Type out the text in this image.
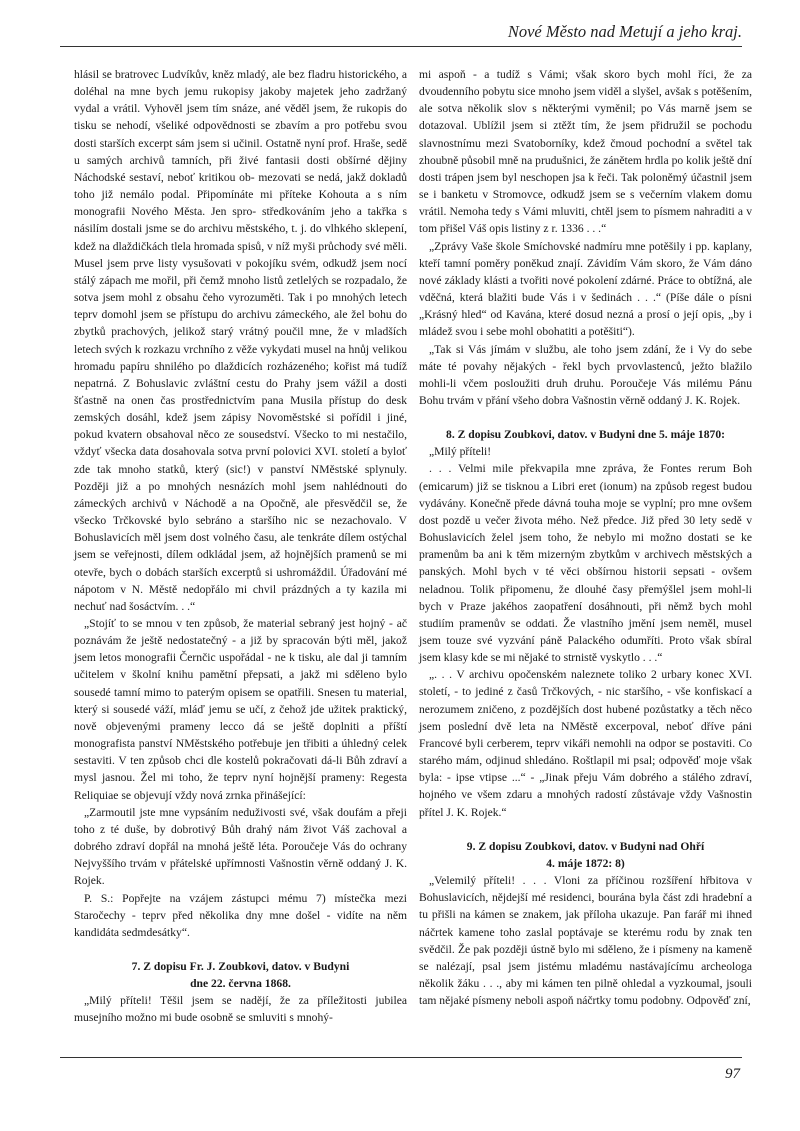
Nové Město nad Metují a jeho kraj.

hlásil se bratrovec Ludvíkův, kněz mladý, ale bez fladru historického, a doléhal na mne bych jemu rukopisy jakoby majetek jeho zadržaný vydal a vrátil. Vyhověl jsem tím snáze, ané věděl jsem, že rukopis do tisku se nehodí, všeliké odpovědnosti se zbavím a pro potřebu svou dosti starších excerpt sám jsem si učinil. Ostatně nyní prof. Hraše, sedě u samých archivů tamních, při živé fantasii dosti obšírné dějiny Náchodské sestaví, neboť kritikou ob- mezovati se nedá, jakž dokladů toho již nemálo podal. Připomínáte mi příteke Kohouta a s ním monografii Nového Města. Jen spro- středkováním jeho a takřka s násilím dostali jsme se do archivu městského, t. j. do vlhkého sklepení, kdež na dlaždičkách tlela hromada spisů, v níž myši průchody své měli. Musel jsem prve listy vysušovati v pokojíku svém, odkudž jsem nocí stálý zápach me mořil, při čemž mnoho listů zetlelých se rozpadalo, že sotva jsem mohl z obsahu čeho vyrozuměti. Tak i po mnohých letech teprv domohl jsem se přístupu do archivu zámeckého, ale žel bohu do zbytků prachových, jelikož starý vrátný poučil mne, že v mladších letech svých k rozkazu vrchního z věže vykydati musel na hnůj velikou hromadu papíru shnilého po dlaždicích rozházeného; kořist má tudíž nepatrná. Z Bohuslavic zvláštní cestu do Prahy jsem vážil a dosti šťastně na onen čas prostřednictvím pana Musila přístup do desk zemských dosáhl, kdež jsem zápisy Novoměstské si pořídil i jiné, pokud kvatern obsahoval něco ze sousedství. Všecko to mi nestačilo, vždyť všecka data dosahovala sotva první polovici XVI. století a byloť zde tak mnoho statků, který (sic!) v panství NMěstské splynuly. Později již a po mnohých nesnázích mohl jsem nahlédnouti do zámeckých archivů v Náchodě a na Opočně, ale přesvědčil se, že všecko Trčkovské bylo sebráno a staršího nic se nezachovalo. V Bohuslavicích měl jsem dost volného času, ale tenkráte dílem ostýchal jsem se veřejnosti, dílem odkládal jsem, až hojnějších pramenů se mi otevře, bych o dobách starších excerptů si ushromáždil. Úřadování mé nápotom v N. Městě nedopřálo mi chvil prázdných a ty kazila mi nechuť nad šosáctvím. . .“

„Stojíť to se mnou v ten způsob, že material sebraný jest hojný - ač poznávám že ještě nedostatečný - a již by spracován býti měl, jakož jsem letos monografii Černčic uspořádal - ne k tisku, ale dal ji tamním učitelem v školní knihu pamětní přepsati, a jakž mi sděleno bylo sousedé tamní mimo to paterým opisem se opatřili. Snesen tu material, který si sousedé váží, mláď jemu se učí, z čehož jde užitek praktický, nově objevenými prameny lecco dá se ještě doplniti a příští monografista panství NMěstského potřebuje jen třibiti a úhledný celek sestaviti. V ten způsob chci dle kostelů pokračovati dá-li Bůh zdraví a mysl jasnou. Žel mi toho, že teprv nyní hojnější prameny: Regesta Reliquiae se objevují vždy nová zrnka přinášející:

„Zarmoutil jste mne vypsáním neduživosti své, však doufám a přeji toho z té duše, by dobrotivý Bůh drahý nám život Váš zachoval a dobrého zdraví dopřál na mnohá ještě léta. Poroučeje Vás do ochrany Nejvyššího trvám v přátelské upřímnosti Vašnostin věrně oddaný J. K. Rojek.

P. S.: Popřejte na vzájem zástupci mému 7) místečka mezi Staročechy - teprv před několika dny mne došel - vidíte na něm kandidáta sedmdesátky“.

7. Z dopisu Fr. J. Zoubkovi, datov. v Budyni
dne 22. června 1868.

„Milý příteli! Těšil jsem se nadějí, že za příležitosti jubilea musejního možno mi bude osobně se smluviti s mnohý-

mi aspoň - a tudíž s Vámi; však skoro bych mohl říci, že za dvoudenního pobytu sice mnoho jsem viděl a slyšel, avšak s potěšením, ale sotva několik slov s některými vyměnil; po Vás marně jsem se dotazoval. Ublížil jsem si ztěžt tím, že jsem přidružil se pochodu slavnostnímu mezi Svatoborníky, kdež čmoud pochodní a světel tak zhoubně působil mně na prudušnici, že zánětem hrdla po kolik ještě dní dosti trápen jsem byl neschopen jsa k řeči. Tak poloněmý účastnil jsem se i banketu v Stromovce, odkudž jsem se s večerním vlakem domu vrátil. Nemoha tedy s Vámi mluviti, chtěl jsem to písmem nahraditi a v tom přišel Váš opis listiny z r. 1336 . . .“

„Zprávy Vaše škole Smíchovské nadmíru mne potěšily i pp. kaplany, kteří tamní poměry poněkud znají. Závidím Vám skoro, že Vám dáno nové základy klásti a tvořiti nové pokolení zdárné. Práce to obtížná, ale vděčná, která blažiti bude Vás i v šedinách . . .“ (Píše dále o písni „Krásný hled“ od Kavána, které dosud nezná a prosí o její opis, „by i mládež svou i sebe mohl obohatiti a potěšiti“).

„Tak si Vás jímám v službu, ale toho jsem zdání, že i Vy do sebe máte té povahy nějakých - řekl bych prvovlastenců, ježto blažilo mohli-li včem posloužiti druh druhu. Poroučeje Vás milému Pánu Bohu trvám v přání všeho dobra Vašnostin věrně oddaný J. K. Rojek.

8. Z dopisu Zoubkovi, datov. v Budyni dne 5. máje 1870:

„Milý příteli!

. . . Velmi mile překvapila mne zpráva, že Fontes rerum Boh (emicarum) již se tisknou a Libri eret (ionum) na způsob regest budou vydávány. Konečně přede dávná touha moje se vyplní; pro mne ovšem dost pozdě u večer života mého. Než předce. Již před 30 lety sedě v Bohuslavicích želel jsem toho, že nebylo mi možno dostati se ke pramenům ba ani k těm mizerným zbytkům v archivech městských a panských. Mohl bych v té věci obšírnou historii sepsati - ovšem neladnou. Tolik připomenu, že dlouhé časy přemýšlel jsem mohl-li bych v Praze jakéhos zaopatření dosáhnouti, při němž bych mohl studiím pramenův se oddati. Že vlastního jmění jsem neměl, musel jsem touze své vyzvání páně Palackého odumříti. Proto však sbíral jsem klasy kde se mi nějaké to strnistě vyskytlo . . .“

„. . . V archivu opočenském naleznete toliko 2 urbary konec XVI. století, - to jediné z časů Trčkových, - nic staršího, - vše konfiskací a nerozumem zničeno, z pozdějších dost hubené pozůstatky a těch něco jsem poslední dvě leta na NMěstě excerpoval, neboť dříve páni Francové byli cerberem, teprv vikáři nemohli na odpor se postaviti. Co starého mám, odjinud shledáno. Roštlapil mi psal; odpověď moje však byla: - ipse vtipse ...“ - „Jinak přeju Vám dobrého a stálého zdraví, hojného ve všem zdaru a mnohých radostí zůstávaje vždy Vašnostin přítel J. K. Rojek.“

9. Z dopisu Zoubkovi, datov. v Budyni nad Ohří
4. máje 1872: 8)

„Velemilý příteli! . . . Vloni za příčinou rozšíření hřbitova v Bohuslavicích, nějdejší mé residenci, bourána byla část zdi hradební a tu přišli na kámen se znakem, jak příloha ukazuje. Pan farář mi ihned náčrtek kamene toho zaslal poptávaje se kterému rodu by znak ten svědčil. Že pak později ústně bylo mi sděleno, že i písmeny na kameně se nalézají, psal jsem jistému mladému nastávajícímu archeologa několik žáku . . ., aby mi kámen ten pilně ohledal a vyzkoumal, jsouli tam nějaké písmeny neboli aspoň náčrtky tomu podobny. Odpověď zní,

97
